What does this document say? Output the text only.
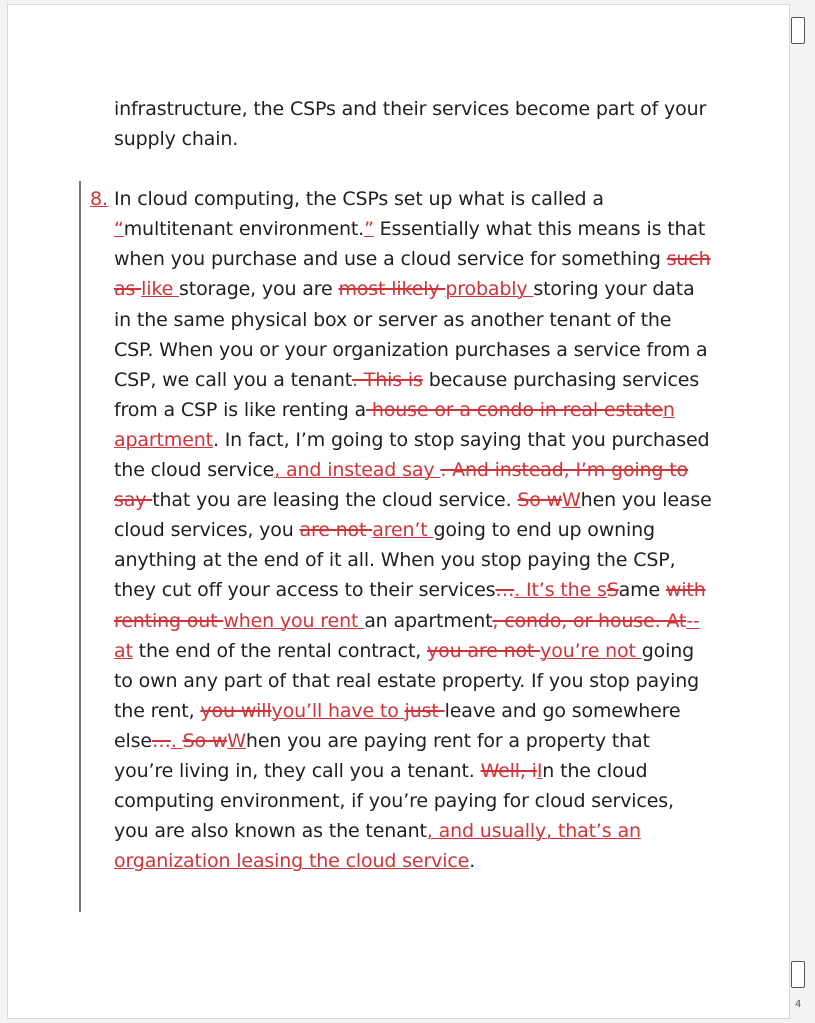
infrastructure, the CSPs and their services become part of your supply chain.

8. In cloud computing, the CSPs set up what is called a “multitenant environment.” Essentially what this means is that when you purchase and use a cloud service for something such as like storage, you are most likely probably storing your data in the same physical box or server as another tenant of the CSP. When you or your organization purchases a service from a CSP, we call you a tenant. This is because purchasing services from a CSP is like renting a house or a condo in real estaten apartment. In fact, I’m going to stop saying that you purchased the cloud service, and instead say . And instead, I’m going to say that you are leasing the cloud service. So wWhen you lease cloud services, you are not aren’t going to end up owning anything at the end of it all. When you stop paying the CSP, they cut off your access to their services…. It’s the sSame with renting out when you rent an apartment, condo, or house. At--at the end of the rental contract, you are not you’re not going to own any part of that real estate property. If you stop paying the rent, you willyou’ll have to just leave and go somewhere else…. So wWhen you are paying rent for a property that you’re living in, they call you a tenant. Well, iIn the cloud computing environment, if you’re paying for cloud services, you are also known as the tenant, and usually, that’s an organization leasing the cloud service.

4
